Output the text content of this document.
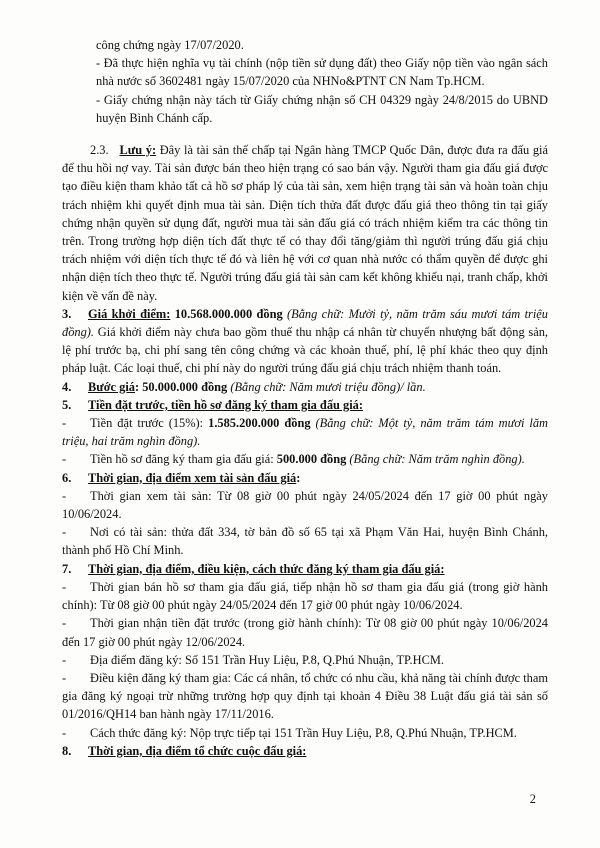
công chứng ngày 17/07/2020.

- Đã thực hiện nghĩa vụ tài chính (nộp tiền sử dụng đất) theo Giấy nộp tiền vào ngân sách nhà nước số 3602481 ngày 15/07/2020 của NHNo&PTNT CN Nam Tp.HCM.

- Giấy chứng nhận này tách từ Giấy chứng nhận số CH 04329 ngày 24/8/2015 do UBND huyện Bình Chánh cấp.

2.3. Lưu ý: Đây là tài sản thế chấp tại Ngân hàng TMCP Quốc Dân, được đưa ra đấu giá để thu hồi nợ vay. Tài sản được bán theo hiện trạng có sao bán vậy. Người tham gia đấu giá được tạo điều kiện tham khảo tất cả hồ sơ pháp lý của tài sản, xem hiện trạng tài sản và hoàn toàn chịu trách nhiệm khi quyết định mua tài sản. Diện tích thửa đất được đấu giá theo thông tin tại giấy chứng nhận quyền sử dụng đất, người mua tài sản đấu giá có trách nhiệm kiểm tra các thông tin trên. Trong trường hợp diện tích đất thực tế có thay đổi tăng/giảm thì người trúng đấu giá chịu trách nhiệm với diện tích thực tế đó và liên hệ với cơ quan nhà nước có thẩm quyền để được ghi nhận diện tích theo thực tế. Người trúng đấu giá tài sản cam kết không khiếu nại, tranh chấp, khởi kiện về vấn đề này.

3. Giá khởi điểm: 10.568.000.000 đồng (Bằng chữ: Mười tỷ, năm trăm sáu mươi tám triệu đồng). Giá khởi điểm này chưa bao gồm thuế thu nhập cá nhân từ chuyển nhượng bất động sản, lệ phí trước bạ, chi phí sang tên công chứng và các khoản thuế, phí, lệ phí khác theo quy định pháp luật. Các loại thuế, chi phí này do người trúng đấu giá chịu trách nhiệm thanh toán.

4. Bước giá: 50.000.000 đồng (Bằng chữ: Năm mươi triệu đồng)/ lần.

5. Tiền đặt trước, tiền hồ sơ đăng ký tham gia đấu giá:

- Tiền đặt trước (15%): 1.585.200.000 đồng (Bằng chữ: Một tỷ, năm trăm tám mươi lăm triệu, hai trăm nghìn đồng).

- Tiền hồ sơ đăng ký tham gia đấu giá: 500.000 đồng (Bằng chữ: Năm trăm nghìn đồng).

6. Thời gian, địa điểm xem tài sản đấu giá:

- Thời gian xem tài sản: Từ 08 giờ 00 phút ngày 24/05/2024 đến 17 giờ 00 phút ngày 10/06/2024.

- Nơi có tài sản: thửa đất 334, tờ bản đồ số 65 tại xã Phạm Văn Hai, huyện Bình Chánh, thành phố Hồ Chí Minh.

7. Thời gian, địa điểm, điều kiện, cách thức đăng ký tham gia đấu giá:

- Thời gian bán hồ sơ tham gia đấu giá, tiếp nhận hồ sơ tham gia đấu giá (trong giờ hành chính): Từ 08 giờ 00 phút ngày 24/05/2024 đến 17 giờ 00 phút ngày 10/06/2024.

- Thời gian nhận tiền đặt trước (trong giờ hành chính): Từ 08 giờ 00 phút ngày 10/06/2024 đến 17 giờ 00 phút ngày 12/06/2024.

- Địa điểm đăng ký: Số 151 Trần Huy Liệu, P.8, Q.Phú Nhuận, TP.HCM.

- Điều kiện đăng ký tham gia: Các cá nhân, tổ chức có nhu cầu, khả năng tài chính được tham gia đăng ký ngoại trừ những trường hợp quy định tại khoản 4 Điều 38 Luật đấu giá tài sản số 01/2016/QH14 ban hành ngày 17/11/2016.

- Cách thức đăng ký: Nộp trực tiếp tại 151 Trần Huy Liệu, P.8, Q.Phú Nhuận, TP.HCM.

8. Thời gian, địa điểm tổ chức cuộc đấu giá:

2
